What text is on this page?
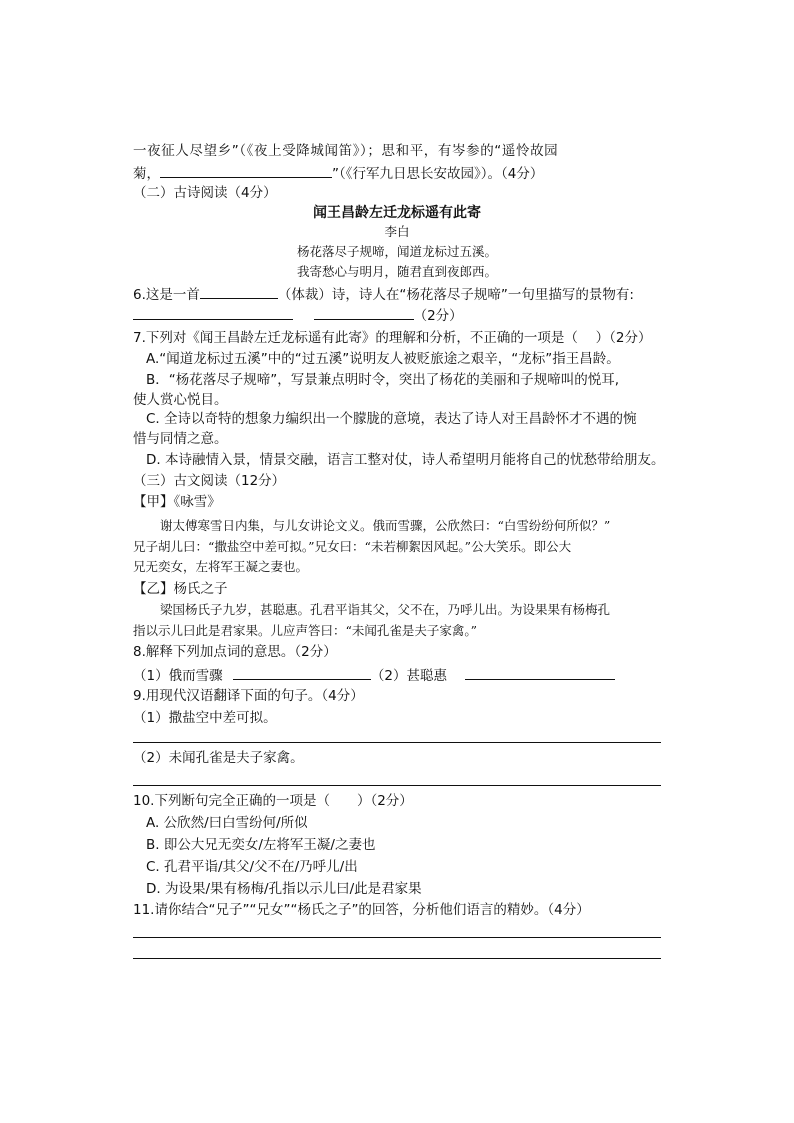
一夜征人尽望乡”（《夜上受降城闻笛》）；思和平，有岑参的“遥怜故园
菊，	”（《行军九日思长安故园》）。（4分）
（二）古诗阅读（4分）
闻王昌龄左迁龙标遥有此寄
李白
杨花落尽子规啼，闻道龙标过五溪。
我寄愁心与明月，随君直到夜郎西。
6.这是一首	（体裁）诗，诗人在“杨花落尽子规啼”一句里描写的景物有:
（2分）
7.下列对《闻王昌龄左迁龙标遥有此寄》的理解和分析，不正确的一项是（　 ）（2分）
A.“闻道龙标过五溪”中的“过五溪”说明友人被贬旅途之艰辛，“龙标”指王昌龄。
B．“杨花落尽子规啼”，写景兼点明时令，突出了杨花的美丽和子规啼叫的悦耳,
使人赏心悦目。
C. 全诗以奇特的想象力编织出一个朦胧的意境，表达了诗人对王昌龄怀才不遇的惋
惜与同情之意。
D. 本诗融情入景，情景交融，语言工整对仗，诗人希望明月能将自己的忧愁带给朋友。
（三）古文阅读（12分）
【甲】《咏雪》
谢太傅寒雪日内集，与儿女讲论文义。俄而雪骤，公欣然曰：“白雪纷纷何所似？”
兄子胡儿曰：“撒盐空中差可拟。”兄女曰：“未若柳絮因风起。”公大笑乐。即公大
兄无奕女，左将军王凝之妻也。
【乙】杨氏之子
梁国杨氏子九岁，甚聪惠。孔君平诣其父，父不在，乃呼儿出。为设果果有杨梅孔
指以示儿曰此是君家果。儿应声答曰：“未闻孔雀是夫子家禽。”
8.解释下列加点词的意思。（2分）
（1）俄而雪骤	（2）甚聪惠
9.用现代汉语翻译下面的句子。（4分）
（1）撒盐空中差可拟。
（2）未闻孔雀是夫子家禽。
10.下列断句完全正确的一项是（　　）（2分）
A. 公欣然/曰白雪纷何/所似
B. 即公大兄无奕女/左将军王凝/之妻也
C. 孔君平诣/其父/父不在/乃呼儿/出
D. 为设果/果有杨梅/孔指以示儿曰/此是君家果
11.请你结合“兄子”“兄女”“杨氏之子”的回答，分析他们语言的精妙。（4分）
